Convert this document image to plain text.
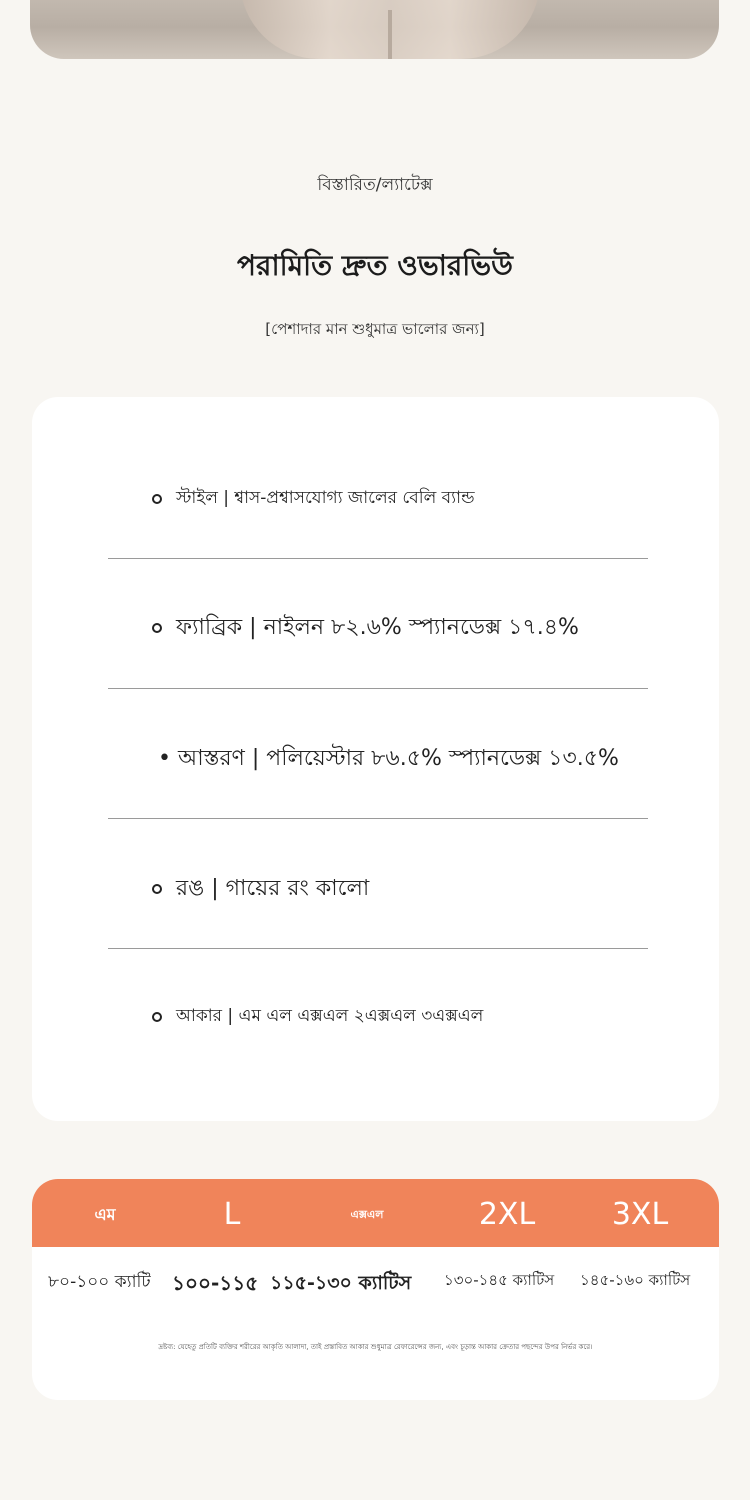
বিস্তারিত/ল্যাটেক্স
পরামিতি দ্রুত ওভারভিউ
[পেশাদার মান শুধুমাত্র ভালোর জন্য]
স্টাইল | শ্বাস-প্রশ্বাসযোগ্য জালের বেলি ব্যান্ড
ফ্যাব্রিক | নাইলন ৮২.৬% স্প্যানডেক্স ১৭.৪%
• আস্তরণ | পলিয়েস্টার ৮৬.৫% স্প্যানডেক্স ১৩.৫%
রঙ | গায়ের রং কালো
আকার | এম এল এক্সএল ২এক্সএল ৩এক্সএল
এম	L	এক্সএল	2XL	3XL
৮০-১০০ ক্যাটি ১০০-১১৫ ১১৫-১৩০ ক্যাটিস ১৩০-১৪৫ ক্যাটিস ১৪৫-১৬০ ক্যাটিস
দ্রষ্টব্য: যেহেতু প্রতিটি ব্যক্তির শরীরের আকৃতি আলাদা, তাই প্রস্তাবিত আকার শুধুমাত্র রেফারেন্সের জন্য, এবং চূড়ান্ত আকার ক্রেতার পছন্দের উপর নির্ভর করে।
